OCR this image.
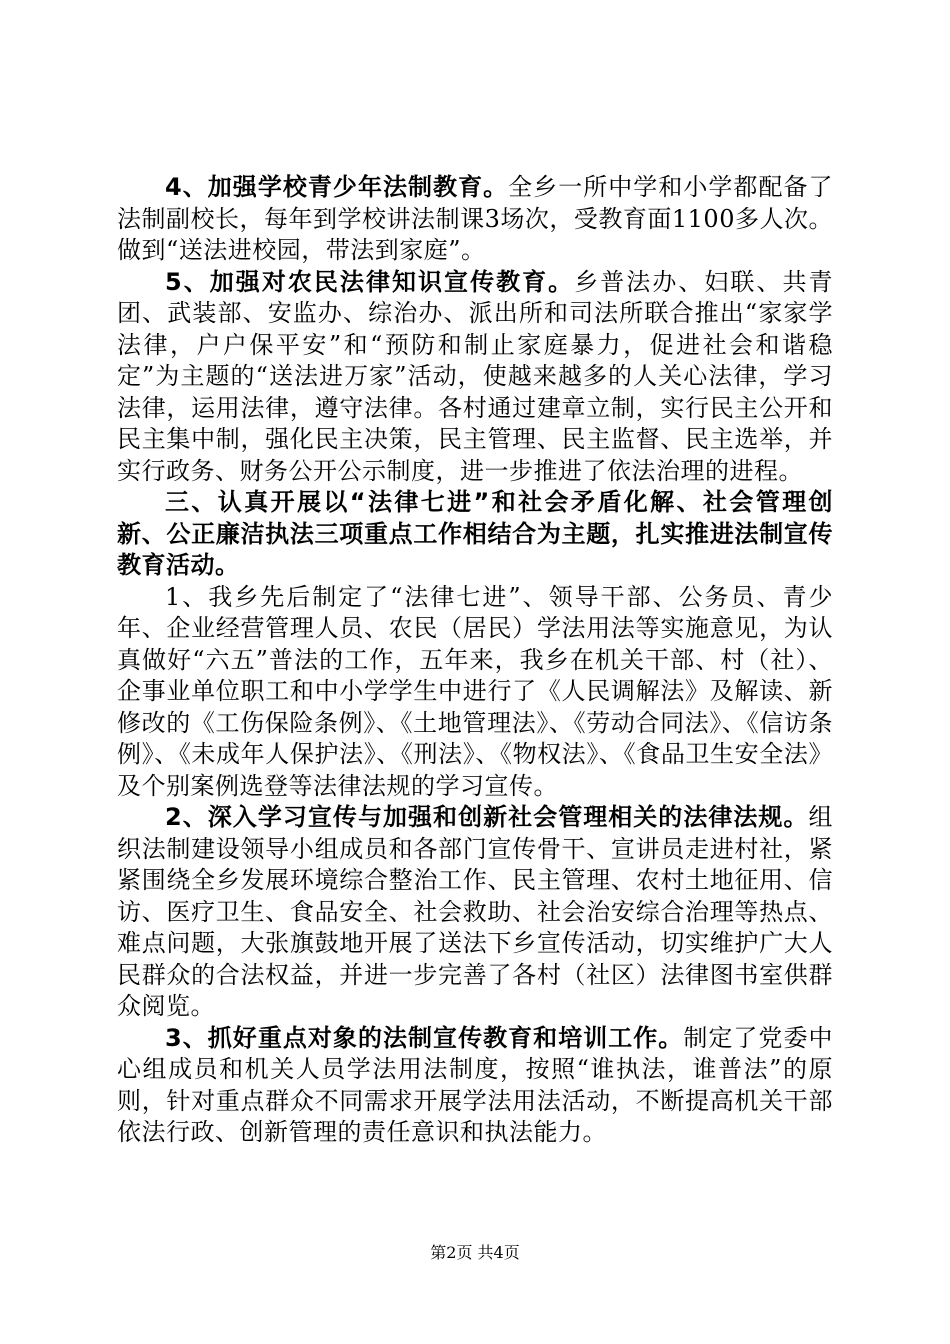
4、加强学校青少年法制教育。全乡一所中学和小学都配备了法制副校长，每年到学校讲法制课3场次，受教育面1100多人次。做到“送法进校园，带法到家庭”。

5、加强对农民法律知识宣传教育。乡普法办、妇联、共青团、武装部、安监办、综治办、派出所和司法所联合推出“家家学法律，户户保平安”和“预防和制止家庭暴力，促进社会和谐稳定”为主题的“送法进万家”活动，使越来越多的人关心法律，学习法律，运用法律，遵守法律。各村通过建章立制，实行民主公开和民主集中制，强化民主决策，民主管理、民主监督、民主选举，并实行政务、财务公开公示制度，进一步推进了依法治理的进程。

三、认真开展以“法律七进”和社会矛盾化解、社会管理创新、公正廉洁执法三项重点工作相结合为主题，扎实推进法制宣传教育活动。

1、我乡先后制定了“法律七进”、领导干部、公务员、青少年、企业经营管理人员、农民（居民）学法用法等实施意见，为认真做好“六五”普法的工作，五年来，我乡在机关干部、村（社）、企事业单位职工和中小学学生中进行了《人民调解法》及解读、新修改的《工伤保险条例》、《土地管理法》、《劳动合同法》、《信访条例》、《未成年人保护法》、《刑法》、《物权法》、《食品卫生安全法》及个别案例选登等法律法规的学习宣传。

2、深入学习宣传与加强和创新社会管理相关的法律法规。组织法制建设领导小组成员和各部门宣传骨干、宣讲员走进村社，紧紧围绕全乡发展环境综合整治工作、民主管理、农村土地征用、信访、医疗卫生、食品安全、社会救助、社会治安综合治理等热点、难点问题，大张旗鼓地开展了送法下乡宣传活动，切实维护广大人民群众的合法权益，并进一步完善了各村（社区）法律图书室供群众阅览。

3、抓好重点对象的法制宣传教育和培训工作。制定了党委中心组成员和机关人员学法用法制度，按照“谁执法，谁普法”的原则，针对重点群众不同需求开展学法用法活动，不断提高机关干部依法行政、创新管理的责任意识和执法能力。

第2页 共4页
